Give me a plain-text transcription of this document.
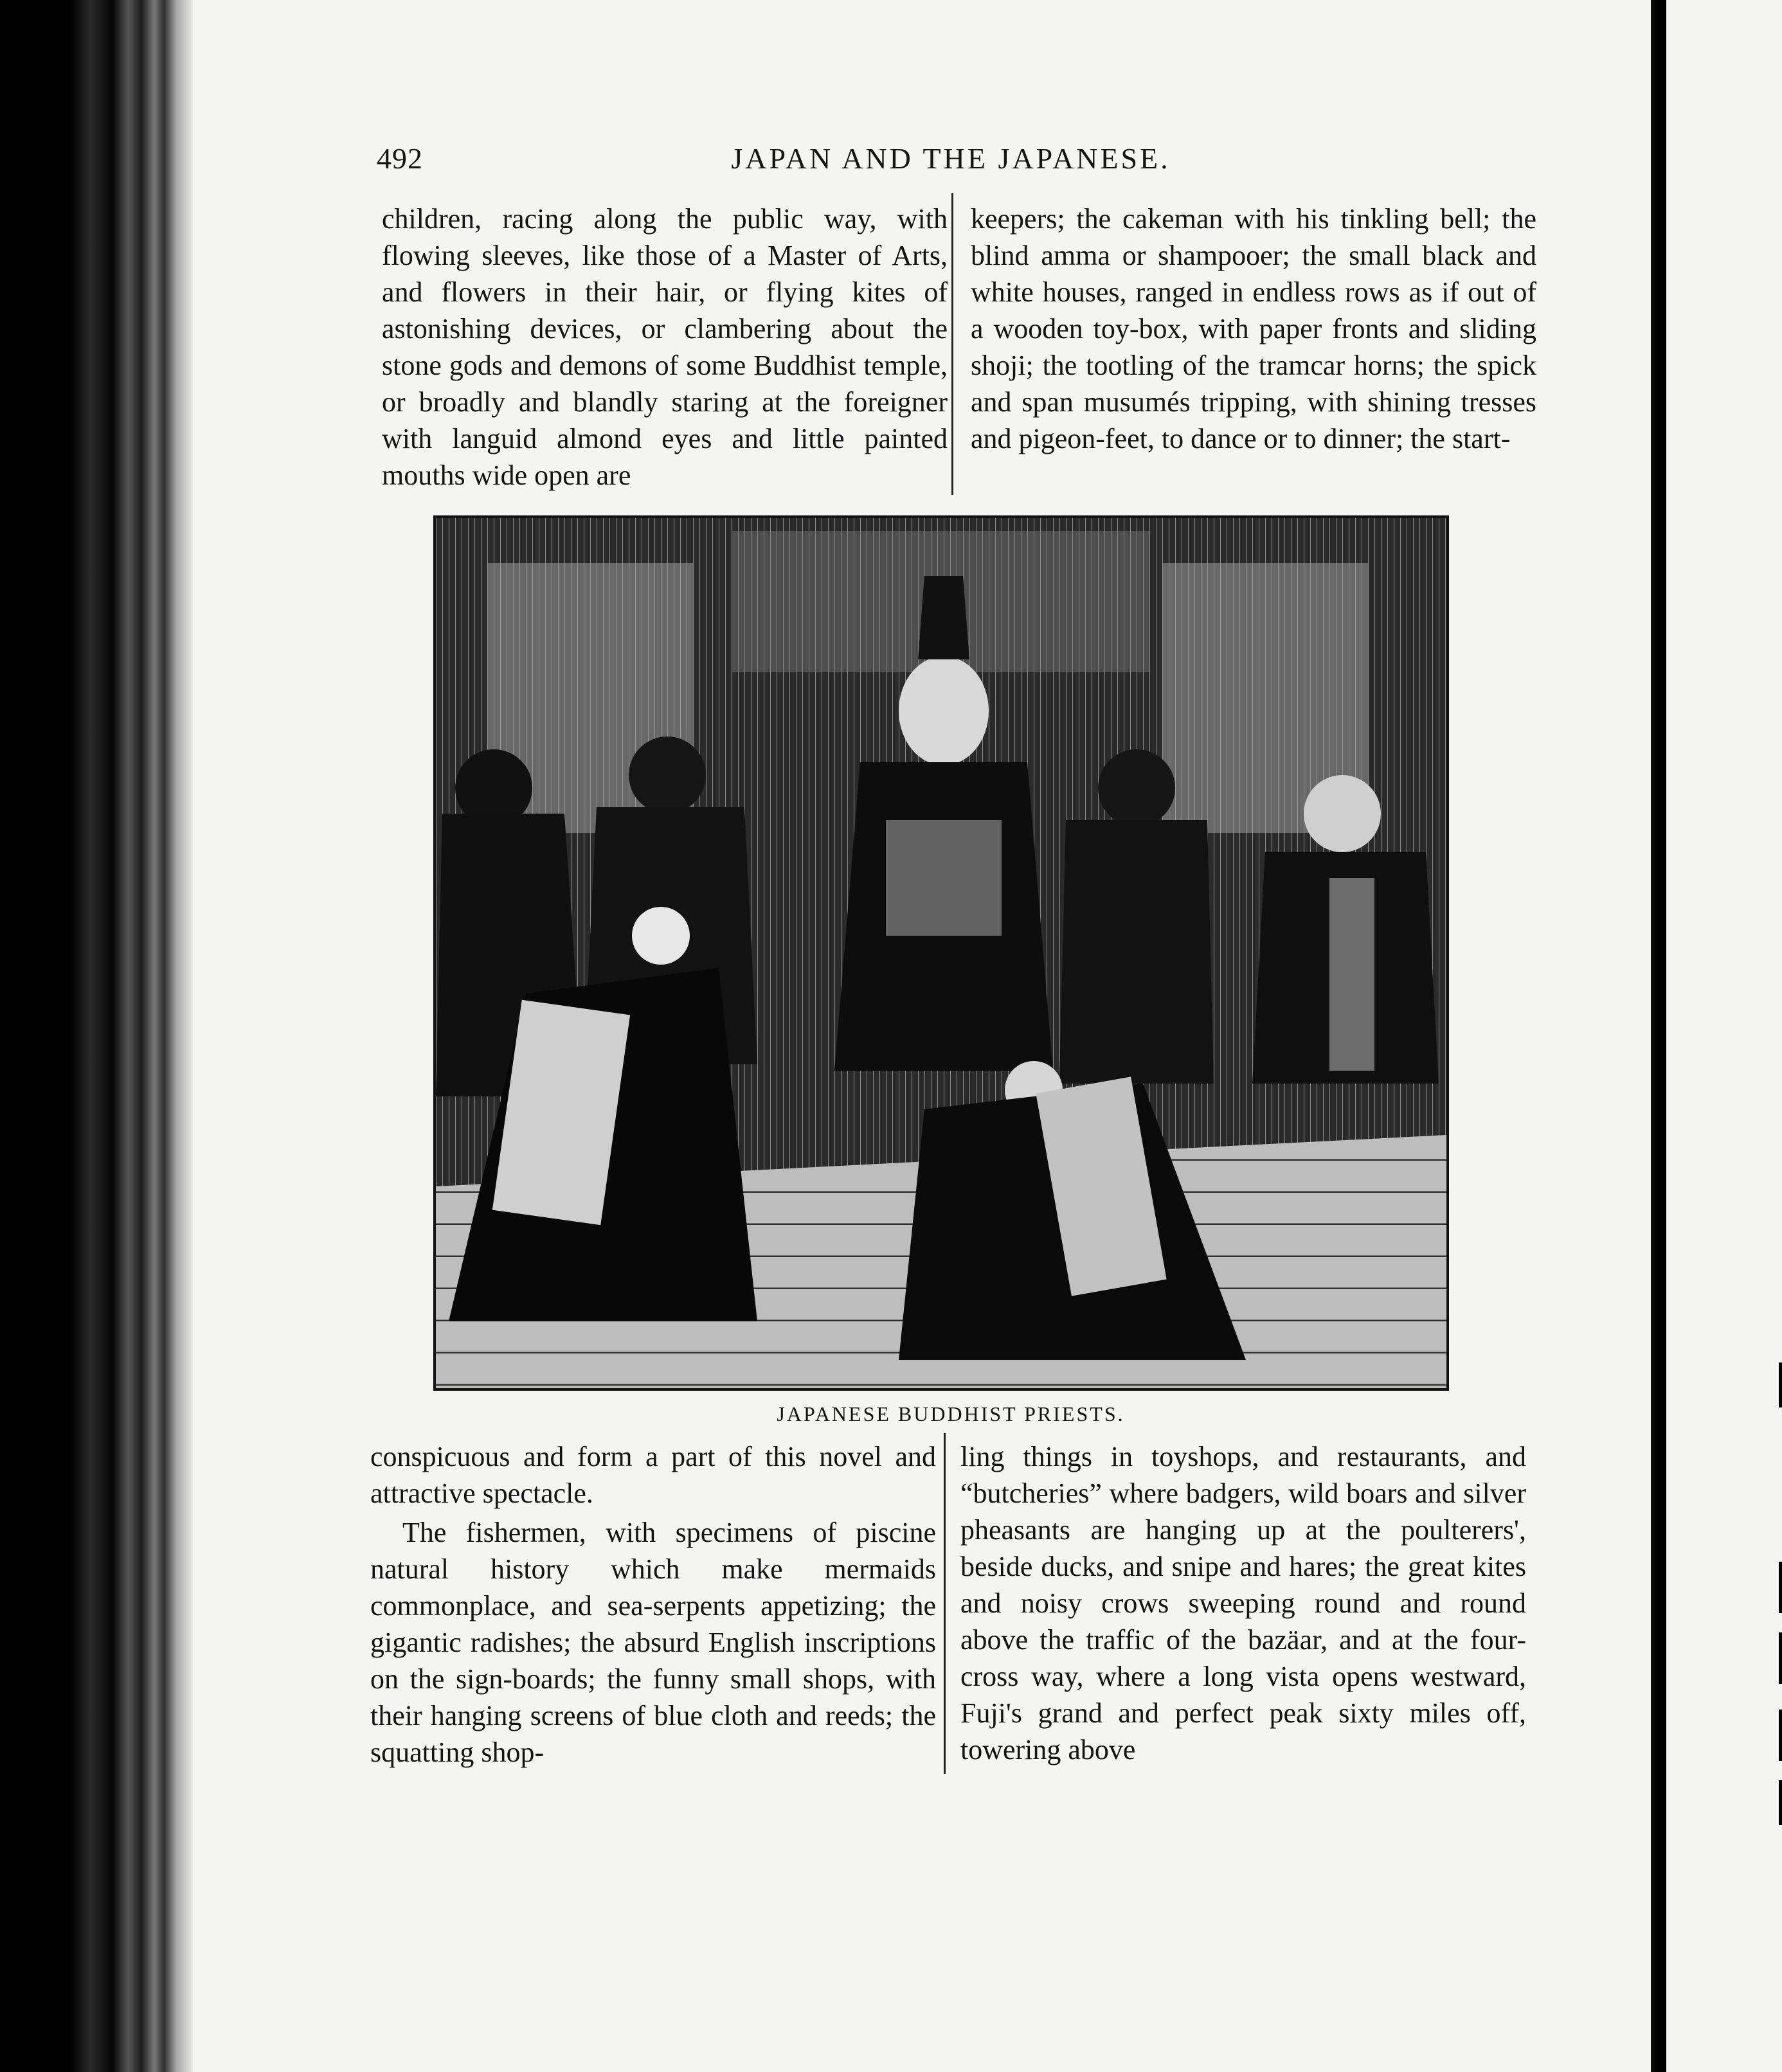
492	JAPAN AND THE JAPANESE.

children, racing along the public way, with flowing sleeves, like those of a Master of Arts, and flowers in their hair, or flying kites of astonishing devices, or clambering about the stone gods and demons of some Buddhist temple, or broadly and blandly staring at the foreigner with languid almond eyes and little painted mouths wide open are

keepers; the cakeman with his tinkling bell; the blind amma or shampooer; the small black and white houses, ranged in endless rows as if out of a wooden toy-box, with paper fronts and sliding shoji; the tootling of the tramcar horns; the spick and span musumés tripping, with shining tresses and pigeon-feet, to dance or to dinner; the start-

JAPANESE BUDDHIST PRIESTS.

conspicuous and form a part of this novel and attractive spectacle.

The fishermen, with specimens of piscine natural history which make mermaids commonplace, and sea-serpents appetizing; the gigantic radishes; the absurd English inscriptions on the sign-boards; the funny small shops, with their hanging screens of blue cloth and reeds; the squatting shop-

ling things in toyshops, and restaurants, and “butcheries” where badgers, wild boars and silver pheasants are hanging up at the poulterers', beside ducks, and snipe and hares; the great kites and noisy crows sweeping round and round above the traffic of the bazäar, and at the four-cross way, where a long vista opens westward, Fuji's grand and perfect peak sixty miles off, towering above
